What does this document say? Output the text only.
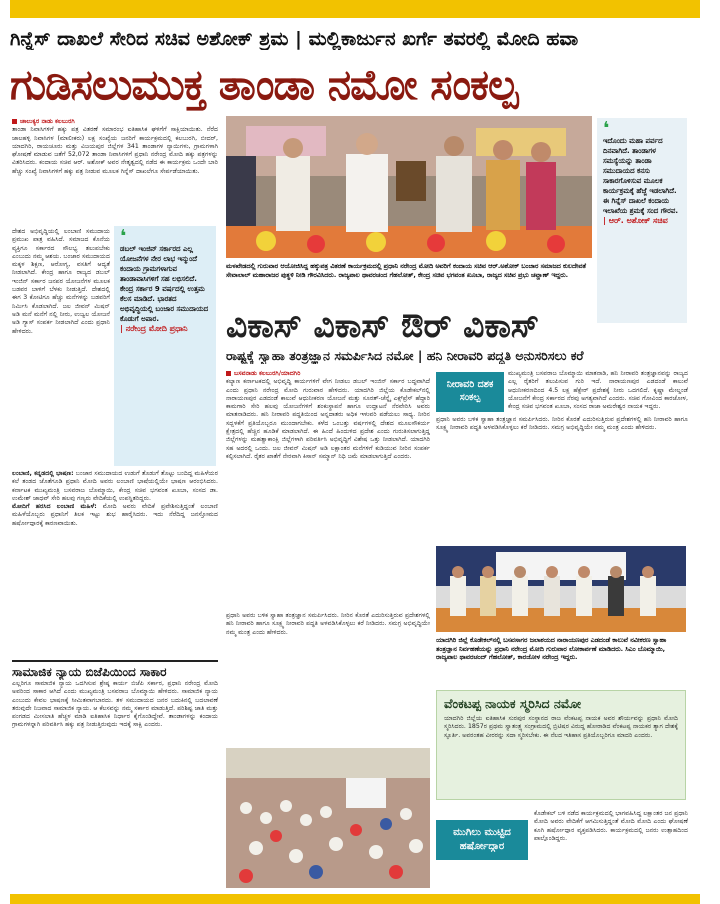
ಗಿನ್ನೆಸ್ ದಾಖಲೆ ಸೇರಿದ ಸಚಿವ ಅಶೋಕ್ ಶ್ರಮ | ಮಲ್ಲಿಕಾರ್ಜುನ ಖರ್ಗೆ ತವರಲ್ಲಿ ಮೋದಿ ಹವಾ
ಗುಡಿಸಲುಮುಕ್ತ ತಾಂಡಾ ನಮೋ ಸಂಕಲ್ಪ
ಚಾಲುಕ್ಯರ ನಾಡು ಕಲಬುರಗಿ
ತಾಂಡಾ ನಿವಾಸಿಗಳಿಗೆ ಹಕ್ಕು ಪತ್ರ ವಿತರಣೆ ಸಮಾರಂಭ ಐತಿಹಾಸಿಕ ಘಳಿಗೆಗೆ ಸಾಕ್ಷಿಯಾಯಿತು. ನೆರೆದ ಜಾಲಹಳ್ಳಿ ನಿವಾಸಿಗಳ (ಮಾಲೀಕರು) ಲಕ್ಷ ಸಂಖ್ಯೆಯ ಜನರಿಗೆ ಕಾರ್ಯಕ್ರಮದಲ್ಲಿ ಕಲಬುರಗಿ, ಬೀದರ್, ಯಾದಗಿರಿ, ರಾಯಚೂರು ಮತ್ತು ವಿಜಯಪುರ ಜಿಲ್ಲೆಗಳ 341 ತಾಂಡಾಗಳ ನ್ಯಾಯಿಗಳು, ಗ್ರಾಮಗಳಾಗಿ ಘೋಷಣೆ ಮಾಡುವ ಜತೆಗೆ 52,072 ತಾಂಡಾ ನಿವಾಸಿಗಳಿಗೆ ಪ್ರಧಾನಿ ನರೇಂದ್ರ ಮೋದಿ ಹಕ್ಕು ಪತ್ರಗಳನ್ನು ವಿತರಿಸಿದರು. ಕಂದಾಯ ಸಚಿವ ಆರ್. ಅಶೋಕ್ ಅವರ ನೇತೃತ್ವದಲ್ಲಿ ನಡೆದ ಈ ಕಾರ್ಯಕ್ರಮ ಒಂದೇ ಬಾರಿ ಹೆಚ್ಚು ಸಂಖ್ಯೆ ನಿವಾಸಿಗಳಿಗೆ ಹಕ್ಕು ಪತ್ರ ನೀಡುವ ಮೂಲಕ ಗಿನ್ನೆಸ್ ದಾಖಲೆಗೂ ಸೇರ್ಪಡೆಯಾಯಿತು.
ದೇಶದ ಅಭಿವೃದ್ಧಿಯಲ್ಲಿ ಲಂಬಾಣಿ ಸಮುದಾಯ ಪ್ರಮುಖ ಪಾತ್ರ ವಹಿಸಿದೆ. ಸಮಾಜದ ಕೊನೆಯ ವ್ಯಕ್ತಿಗೂ ಸರ್ಕಾರದ ಸೌಲಭ್ಯ ತಲುಪಬೇಕು ಎಂಬುದು ನಮ್ಮ ಆಶಯ. ಬಂಜಾರ ಸಮುದಾಯದ ಮಕ್ಕಳ ಶಿಕ್ಷಣ, ಆರೋಗ್ಯ, ವಸತಿಗೆ ಆದ್ಯತೆ ನೀಡಲಾಗಿದೆ. ಕೇಂದ್ರ ಹಾಗೂ ರಾಜ್ಯದ ಡಬಲ್ ಇಂಜಿನ್ ಸರ್ಕಾರ ಜನಪರ ಯೋಜನೆಗಳ ಮೂಲಕ ಬಡವರ ಬಾಳಿಗೆ ಬೆಳಕು ನೀಡುತ್ತಿದೆ. ದೇಶದಲ್ಲಿ ಈಗ 3 ಕೋಟಿಗೂ ಹೆಚ್ಚು ಮನೆಗಳನ್ನು ಬಡವರಿಗೆ ನಿರ್ಮಿಸಿ ಕೊಡಲಾಗಿದೆ. ಜಲ ಜೀವನ್ ಮಿಷನ್ ಅಡಿ ಮನೆ ಮನೆಗೆ ನಲ್ಲಿ ನೀರು, ಉಜ್ವಲ ಯೋಜನೆ ಅಡಿ ಗ್ಯಾಸ್ ಸಂಪರ್ಕ ನೀಡಲಾಗಿದೆ ಎಂದು ಪ್ರಧಾನಿ ಹೇಳಿದರು.
❛
ಡಬಲ್ ಇಂಜಿನ್ ಸರ್ಕಾರದ ಎಲ್ಲ ಯೋಜನೆಗಳ ನೇರ ಲಾಭ ಇನ್ಮುಂದೆ ಕಂದಾಯ ಗ್ರಾಮಗಳಾಗುವ ತಾಂಡಾವಾಸಿಗಳಿಗೆ ಸಹ ಲಭಿಸಲಿದೆ. ಕೇಂದ್ರ ಸರ್ಕಾರ 9 ವರ್ಷದಲ್ಲಿ ಉತ್ತಮ ಕೆಲಸ ಮಾಡಿದೆ. ಭಾರತದ ಅಭಿವೃದ್ಧಿಯಲ್ಲಿ ಬಂಜಾರ ಸಮುದಾಯದ ಕೊಡುಗೆ ಅಪಾರ.
| ನರೇಂದ್ರ ಮೋದಿ ಪ್ರಧಾನಿ
ಲಂಬಾಣಿ, ಕನ್ನಡದಲ್ಲಿ ಭಾಷಣ: ಬಂಜಾರ ಸಮುದಾಯದ ಉಡುಗೆ ತೊಡುಗೆ ತೊಟ್ಟು ಬಂದಿದ್ದ ಮಹಿಳೆಯರ ಕಲೆ ತಂಡದ ಜೊತೆಗೂಡಿ ಪ್ರಧಾನಿ ಮೋದಿ ಅವರು ಲಂಬಾಣಿ ಭಾಷೆಯಲ್ಲಿಯೇ ಭಾಷಣ ಆರಂಭಿಸಿದರು. ಕರ್ನಾಟಕ ಮುಖ್ಯಮಂತ್ರಿ ಬಸವರಾಜ ಬೊಮ್ಮಾಯಿ, ಕೇಂದ್ರ ಸಚಿವ ಭಗವಂತ ಖೂಬಾ, ಸಂಸದ ಡಾ. ಉಮೇಶ್ ಜಾಧವ್ ಸೇರಿ ಹಲವು ಗಣ್ಯರು ವೇದಿಕೆಯಲ್ಲಿ ಉಪಸ್ಥಿತರಿದ್ದರು.
ಮೋದಿಗೆ ಹರಸಿದ ಲಂಬಾಣಿ ಮಹಿಳೆ: ಮೋದಿ ಅವರು ವೇದಿಕೆ ಪ್ರವೇಶಿಸುತ್ತಿದ್ದಂತೆ ಲಂಬಾಣಿ ಮಹಿಳೆಯೊಬ್ಬರು ಪ್ರಧಾನಿಗೆ ತಿಲಕ ಇಟ್ಟು ಶುಭ ಹಾರೈಸಿದರು. ಇದು ನೆರೆದಿದ್ದ ಜನಸ್ತೋಮದ ಹರ್ಷೋದ್ಗಾರಕ್ಕೆ ಕಾರಣವಾಯಿತು.
ಸಾಮಾಜಿಕ ನ್ಯಾಯ ಬಿಜೆಪಿಯಿಂದ ಸಾಕಾರ
ಎಲ್ಲರಿಗೂ ಸಾಮಾಜಿಕ ನ್ಯಾಯ ಒದಗಿಸುವ ಶ್ರೇಷ್ಠ ಕಾರ್ಯ ಬಿಜೆಪಿ ಸರ್ಕಾರ, ಪ್ರಧಾನಿ ನರೇಂದ್ರ ಮೋದಿ ಅವರಿಂದ ಸಾಕಾರ ಆಗಿದೆ ಎಂದು ಮುಖ್ಯಮಂತ್ರಿ ಬಸವರಾಜ ಬೊಮ್ಮಾಯಿ ಹೇಳಿದರು. ಸಾಮಾಜಿಕ ನ್ಯಾಯ ಎಂಬುದು ಕೇವಲ ಭಾಷಣಕ್ಕೆ ಸೀಮಿತವಾಗಬಾರದು. ತಳ ಸಮುದಾಯದ ಜನರ ಬದುಕಿನಲ್ಲಿ ಬದಲಾವಣೆ ತರುವುದೇ ನಿಜವಾದ ಸಾಮಾಜಿಕ ನ್ಯಾಯ. ಆ ಕೆಲಸವನ್ನು ನಮ್ಮ ಸರ್ಕಾರ ಮಾಡುತ್ತಿದೆ. ಪರಿಶಿಷ್ಟ ಜಾತಿ ಮತ್ತು ಪಂಗಡದ ಮೀಸಲಾತಿ ಹೆಚ್ಚಳ ಮಾಡಿ ಐತಿಹಾಸಿಕ ನಿರ್ಧಾರ ಕೈಗೊಂಡಿದ್ದೇವೆ. ತಾಂಡಾಗಳನ್ನು ಕಂದಾಯ ಗ್ರಾಮಗಳನ್ನಾಗಿ ಪರಿವರ್ತಿಸಿ ಹಕ್ಕು ಪತ್ರ ನೀಡುತ್ತಿರುವುದು ಇದಕ್ಕೆ ಸಾಕ್ಷಿ ಎಂದರು.
ಮಳಖೇಡದಲ್ಲಿ ಗುರುವಾರ ಆಯೋಜಿಸಿದ್ದ ಹಕ್ಕುಪತ್ರ ವಿತರಣೆ ಕಾರ್ಯಕ್ರಮದಲ್ಲಿ ಪ್ರಧಾನಿ ನರೇಂದ್ರ ಮೋದಿ ಅವರಿಗೆ ಕಂದಾಯ ಸಚಿವ ಆರ್.ಅಶೋಕ್ ಬಂಜಾರ ಸಮಾಜದ ಕುಲದೇವತೆ ಸೇವಾಲಾಲ್ ಮಹಾರಾಜರ ಪುತ್ಥಳಿ ನೀಡಿ ಗೌರವಿಸಿದರು. ರಾಜ್ಯಪಾಲ ಥಾವರಚಂದ ಗೆಹಲೋತ್, ಕೇಂದ್ರ ಸಚಿವ ಭಗವಂತ ಖೂಬಾ, ರಾಜ್ಯದ ಸಚಿವ ಪ್ರಭು ಚವ್ಹಾಣ್ ಇದ್ದರು.
❛
ಇದೊಂದು ಮಹಾ ಪರ್ವದ ದಿನವಾಗಿದೆ. ತಾಂಡಾಗಳ ಸಮಸ್ಯೆಯನ್ನು ತಾಂಡಾ ಸಮುದಾಯದ ಕನಸು ಸಾಕಾರಗೊಳಿಸುವ ಮೂಲಕ ಕಾರ್ಯಕ್ರಮಕ್ಕೆ ಹೆಜ್ಜೆ ಇಡಲಾಗಿದೆ. ಈ ಗಿನ್ನೆಸ್ ದಾಖಲೆ ಕಂದಾಯ ಇಲಾಖೆಯ ಶ್ರಮಕ್ಕೆ ಸಂದ ಗೌರವ.
| ಆರ್. ಅಶೋಕ್ ಸಚಿವ
ವಿಕಾಸ್ ವಿಕಾಸ್ ಔರ್ ವಿಕಾಸ್
ರಾಷ್ಟ್ರಕ್ಕೆ ಸ್ವಾಹಾ ತಂತ್ರಜ್ಞಾನ ಸಮರ್ಪಿಸಿದ ನಮೋ | ಹನಿ ನೀರಾವರಿ ಪದ್ಧತಿ ಅನುಸರಿಸಲು ಕರೆ
ಬಸವನಾಡು ಕಲಬುರಗಿ/ಯಾದಗಿರಿ
ಕಲ್ಯಾಣ ಕರ್ನಾಟಕದಲ್ಲಿ ಅಭಿವೃದ್ಧಿ ಕಾರ್ಯಗಳಿಗೆ ವೇಗ ನೀಡಲು ಡಬಲ್ ಇಂಜಿನ್ ಸರ್ಕಾರ ಬದ್ಧವಾಗಿದೆ ಎಂದು ಪ್ರಧಾನಿ ನರೇಂದ್ರ ಮೋದಿ ಗುರುವಾರ ಹೇಳಿದರು. ಯಾದಗಿರಿ ಜಿಲ್ಲೆಯ ಕೊಡೇಕಲ್‌ನಲ್ಲಿ ನಾರಾಯಣಪುರ ಎಡದಂಡೆ ಕಾಲುವೆ ಆಧುನೀಕರಣ ಯೋಜನೆ ಮತ್ತು ಸೂರತ್-ಚೆನ್ನೈ ಎಕ್ಸ್‌ಪ್ರೆಸ್ ಹೆದ್ದಾರಿ ಕಾಮಗಾರಿ ಸೇರಿ ಹಲವು ಯೋಜನೆಗಳಿಗೆ ಶಂಕುಸ್ಥಾಪನೆ ಹಾಗೂ ಉದ್ಘಾಟನೆ ನೆರವೇರಿಸಿ ಅವರು ಮಾತನಾಡಿದರು. ಹನಿ ನೀರಾವರಿ ಪದ್ಧತಿಯಿಂದ ಅನ್ನದಾತರು ಅಧಿಕ ಇಳುವರಿ ಪಡೆಯಲು ಸಾಧ್ಯ. ನೀರಿನ ಸದ್ಬಳಕೆಗೆ ಪ್ರತಿಯೊಬ್ಬರೂ ಮುಂದಾಗಬೇಕು. ಕಳೆದ ಒಂಬತ್ತು ವರ್ಷಗಳಲ್ಲಿ ದೇಶದ ಮೂಲಸೌಕರ್ಯ ಕ್ಷೇತ್ರದಲ್ಲಿ ಹೆಚ್ಚಿನ ಹೂಡಿಕೆ ಮಾಡಲಾಗಿದೆ. ಈ ಹಿಂದೆ ಹಿಂದುಳಿದ ಪ್ರದೇಶ ಎಂದು ಗುರುತಿಸಲಾಗುತ್ತಿದ್ದ ಜಿಲ್ಲೆಗಳನ್ನು ಮಹತ್ವಾಕಾಂಕ್ಷಿ ಜಿಲ್ಲೆಗಳಾಗಿ ಪರಿವರ್ತಿಸಿ ಅಭಿವೃದ್ಧಿಗೆ ವಿಶೇಷ ಒತ್ತು ನೀಡಲಾಗಿದೆ. ಯಾದಗಿರಿ ಸಹ ಅದರಲ್ಲಿ ಒಂದು. ಜಲ ಜೀವನ್ ಮಿಷನ್ ಅಡಿ ಲಕ್ಷಾಂತರ ಮನೆಗಳಿಗೆ ಕುಡಿಯುವ ನೀರಿನ ಸಂಪರ್ಕ ಕಲ್ಪಿಸಲಾಗಿದೆ. ರೈತರ ಖಾತೆಗೆ ನೇರವಾಗಿ ಕಿಸಾನ್ ಸಮ್ಮಾನ್ ನಿಧಿ ಜಮೆ ಮಾಡಲಾಗುತ್ತಿದೆ ಎಂದರು.
ನೀರಾವರಿ ದಶಕ ಸಂಕಲ್ಪ
ಮುಖ್ಯಮಂತ್ರಿ ಬಸವರಾಜ ಬೊಮ್ಮಾಯಿ ಮಾತನಾಡಿ, ಹನಿ ನೀರಾವರಿ ತಂತ್ರಜ್ಞಾನವನ್ನು ರಾಜ್ಯದ ಎಲ್ಲ ರೈತರಿಗೆ ತಲುಪಿಸುವ ಗುರಿ ಇದೆ. ನಾರಾಯಣಪುರ ಎಡದಂಡೆ ಕಾಲುವೆ ಆಧುನೀಕರಣದಿಂದ 4.5 ಲಕ್ಷ ಹೆಕ್ಟೇರ್ ಪ್ರದೇಶಕ್ಕೆ ನೀರು ಒದಗಲಿದೆ. ಕೃಷ್ಣಾ ಮೇಲ್ದಂಡೆ ಯೋಜನೆಗೆ ಕೇಂದ್ರ ಸರ್ಕಾರದ ನೆರವು ಅಗತ್ಯವಾಗಿದೆ ಎಂದರು. ಸಚಿವ ಗೋವಿಂದ ಕಾರಜೋಳ, ಕೇಂದ್ರ ಸಚಿವ ಭಗವಂತ ಖೂಬಾ, ಸಂಸದ ರಾಜಾ ಅಮರೇಶ್ವರ ನಾಯಕ ಇದ್ದರು.
ಪ್ರಧಾನಿ ಅವರು ಬಳಿಕ ಸ್ವಾಹಾ ತಂತ್ರಜ್ಞಾನ ಸಮರ್ಪಿಸಿದರು. ನೀರಿನ ಕೊರತೆ ಎದುರಿಸುತ್ತಿರುವ ಪ್ರದೇಶಗಳಲ್ಲಿ ಹನಿ ನೀರಾವರಿ ಹಾಗೂ ಸೂಕ್ಷ್ಮ ನೀರಾವರಿ ಪದ್ಧತಿ ಅಳವಡಿಸಿಕೊಳ್ಳಲು ಕರೆ ನೀಡಿದರು. ಸಮಗ್ರ ಅಭಿವೃದ್ಧಿಯೇ ನಮ್ಮ ಮಂತ್ರ ಎಂದು ಹೇಳಿದರು.
ಪ್ರಧಾನಿ ಅವರು ಬಳಿಕ ಸ್ವಾಹಾ ತಂತ್ರಜ್ಞಾನ ಸಮರ್ಪಿಸಿದರು. ನೀರಿನ ಕೊರತೆ ಎದುರಿಸುತ್ತಿರುವ ಪ್ರದೇಶಗಳಲ್ಲಿ ಹನಿ ನೀರಾವರಿ ಹಾಗೂ ಸೂಕ್ಷ್ಮ ನೀರಾವರಿ ಪದ್ಧತಿ ಅಳವಡಿಸಿಕೊಳ್ಳಲು ಕರೆ ನೀಡಿದರು. ಸಮಗ್ರ ಅಭಿವೃದ್ಧಿಯೇ ನಮ್ಮ ಮಂತ್ರ ಎಂದು ಹೇಳಿದರು.
ಯಾದಗಿರಿ ಜಿಲ್ಲೆ ಕೊಡೇಕಲ್‌ನಲ್ಲಿ ಬಸವಸಾಗರ ಜಲಾಶಯದ ನಾರಾಯಣಪುರ ಎಡದಂಡೆ ಕಾಲುವೆ ನವೀಕರಣ ಸ್ವಾಹಾ ತಂತ್ರಜ್ಞಾನ ನಿರ್ವಹಣೆಯನ್ನು ಪ್ರಧಾನಿ ನರೇಂದ್ರ ಮೋದಿ ಗುರುವಾರ ಲೋಕಾರ್ಪಣೆ ಮಾಡಿದರು. ಸಿಎಂ ಬೊಮ್ಮಾಯಿ, ರಾಜ್ಯಪಾಲ ಥಾವರಚಂದ್ ಗೆಹಲೋತ್, ಕಾರಜೋಳ ನರೇಂದ್ರ ಇದ್ದರು.
ವೆಂಕಟಪ್ಪ ನಾಯಕ ಸ್ಮರಿಸಿದ ನಮೋ
ಯಾದಗಿರಿ ಜಿಲ್ಲೆಯ ಐತಿಹಾಸಿಕ ಸುರಪುರ ಸಂಸ್ಥಾನದ ರಾಜ ವೆಂಕಟಪ್ಪ ನಾಯಕ ಅವರ ಶೌರ್ಯವನ್ನು ಪ್ರಧಾನಿ ಮೋದಿ ಸ್ಮರಿಸಿದರು. 1857ರ ಪ್ರಥಮ ಸ್ವಾತಂತ್ರ್ಯ ಸಂಗ್ರಾಮದಲ್ಲಿ ಬ್ರಿಟಿಷರ ವಿರುದ್ಧ ಹೋರಾಡಿದ ವೆಂಕಟಪ್ಪ ನಾಯಕರ ತ್ಯಾಗ ದೇಶಕ್ಕೆ ಸ್ಫೂರ್ತಿ. ಅವರಂತಹ ವೀರರನ್ನು ಸದಾ ಸ್ಮರಿಸಬೇಕು. ಈ ನೆಲದ ಇತಿಹಾಸ ಪ್ರತಿಯೊಬ್ಬರಿಗೂ ಮಾದರಿ ಎಂದರು.
ಮುಗಿಲು ಮುಟ್ಟಿದ ಹರ್ಷೋದ್ಗಾರ
ಕೊಡೇಕಲ್ ಬಳಿ ನಡೆದ ಕಾರ್ಯಕ್ರಮದಲ್ಲಿ ಭಾಗವಹಿಸಿದ್ದ ಲಕ್ಷಾಂತರ ಜನ ಪ್ರಧಾನಿ ಮೋದಿ ಅವರು ವೇದಿಕೆಗೆ ಆಗಮಿಸುತ್ತಿದ್ದಂತೆ ಮೋದಿ ಮೋದಿ ಎಂದು ಘೋಷಣೆ ಕೂಗಿ ಹರ್ಷೋದ್ಗಾರ ವ್ಯಕ್ತಪಡಿಸಿದರು. ಕಾರ್ಯಕ್ರಮದಲ್ಲಿ ಜನರು ಉತ್ಸಾಹದಿಂದ ಪಾಲ್ಗೊಂಡಿದ್ದರು.
